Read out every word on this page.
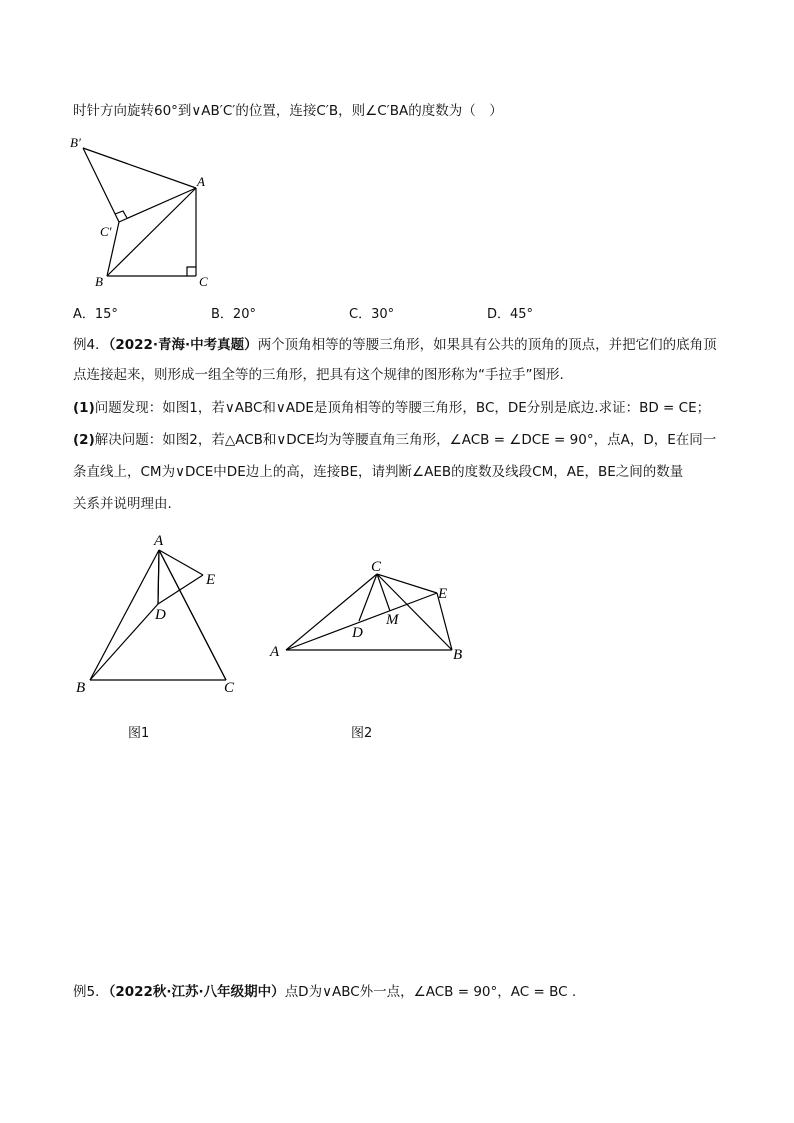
时针方向旋转60°到∨AB′C′的位置，连接C′B，则∠C′BA的度数为（　）
B′
A
C′
B	C
A．15°	B．20°	C．30°	D．45°
例4．（2022·青海·中考真题）两个顶角相等的等腰三角形，如果具有公共的顶角的顶点，并把它们的底角顶
点连接起来，则形成一组全等的三角形，把具有这个规律的图形称为“手拉手”图形.
(1)问题发现：如图1，若∨ABC和∨ADE是顶角相等的等腰三角形，BC，DE分别是底边.求证：BD = CE；
(2)解决问题：如图2，若△ACB和∨DCE均为等腰直角三角形，∠ACB = ∠DCE = 90°，点A，D，E在同一
条直线上，CM为∨DCE中DE边上的高，连接BE，请判断∠AEB的度数及线段CM，AE，BE之间的数量
关系并说明理由.
A
E
D
B	C
C
E
D
M
A	B
图1	图2
例5．（2022秋·江苏·八年级期中）点D为∨ABC外一点，∠ACB = 90°，AC = BC .
